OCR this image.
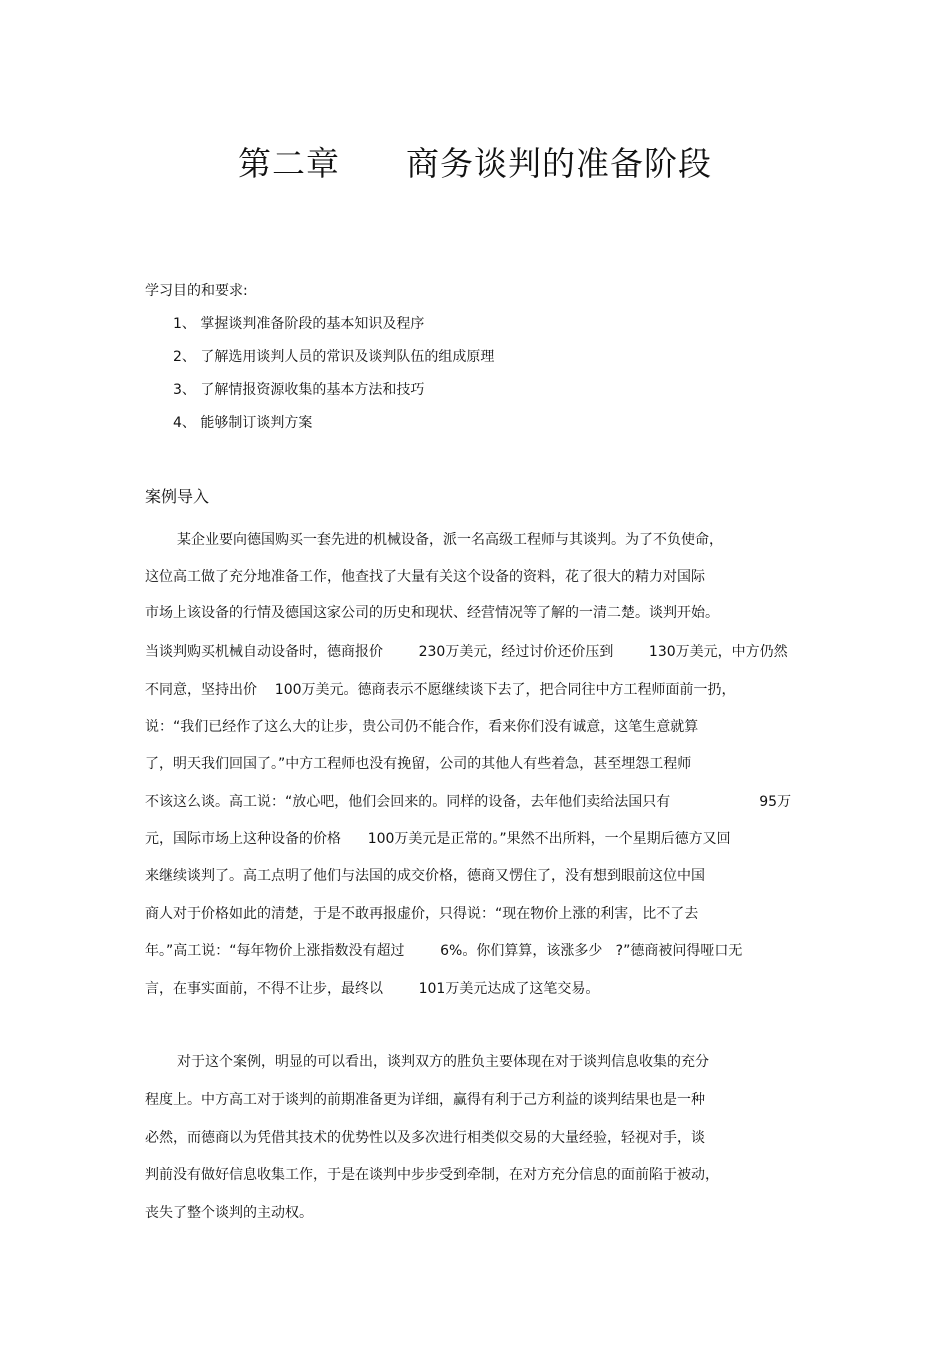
第二章 商务谈判的准备阶段
学习目的和要求:
1、 掌握谈判准备阶段的基本知识及程序
2、 了解选用谈判人员的常识及谈判队伍的组成原理
3、 了解情报资源收集的基本方法和技巧
4、 能够制订谈判方案
案例导入
某企业要向德国购买一套先进的机械设备，派一名高级工程师与其谈判。为了不负使命，
这位高工做了充分地准备工作，他查找了大量有关这个设备的资料，花了很大的精力对国际
市场上该设备的行情及德国这家公司的历史和现状、经营情况等了解的一清二楚。谈判开始。
当谈判购买机械自动设备时，德商报价        230万美元，经过讨价还价压到        130万美元，中方仍然
不同意，坚持出价    100万美元。德商表示不愿继续谈下去了，把合同往中方工程师面前一扔，
说：“我们已经作了这么大的让步，贵公司仍不能合作，看来你们没有诚意，这笔生意就算
了，明天我们回国了。”中方工程师也没有挽留，公司的其他人有些着急，甚至埋怨工程师
不该这么谈。高工说：“放心吧，他们会回来的。同样的设备，去年他们卖给法国只有                    95万
元，国际市场上这种设备的价格      100万美元是正常的。”果然不出所料，一个星期后德方又回
来继续谈判了。高工点明了他们与法国的成交价格，德商又愣住了，没有想到眼前这位中国
商人对于价格如此的清楚，于是不敢再报虚价，只得说：“现在物价上涨的利害，比不了去
年。”高工说：“每年物价上涨指数没有超过        6%。你们算算，该涨多少   ?”德商被问得哑口无
言，在事实面前，不得不让步，最终以        101万美元达成了这笔交易。
对于这个案例，明显的可以看出，谈判双方的胜负主要体现在对于谈判信息收集的充分
程度上。中方高工对于谈判的前期准备更为详细，赢得有利于己方利益的谈判结果也是一种
必然，而德商以为凭借其技术的优势性以及多次进行相类似交易的大量经验，轻视对手，谈
判前没有做好信息收集工作，于是在谈判中步步受到牵制，在对方充分信息的面前陷于被动，
丧失了整个谈判的主动权。
